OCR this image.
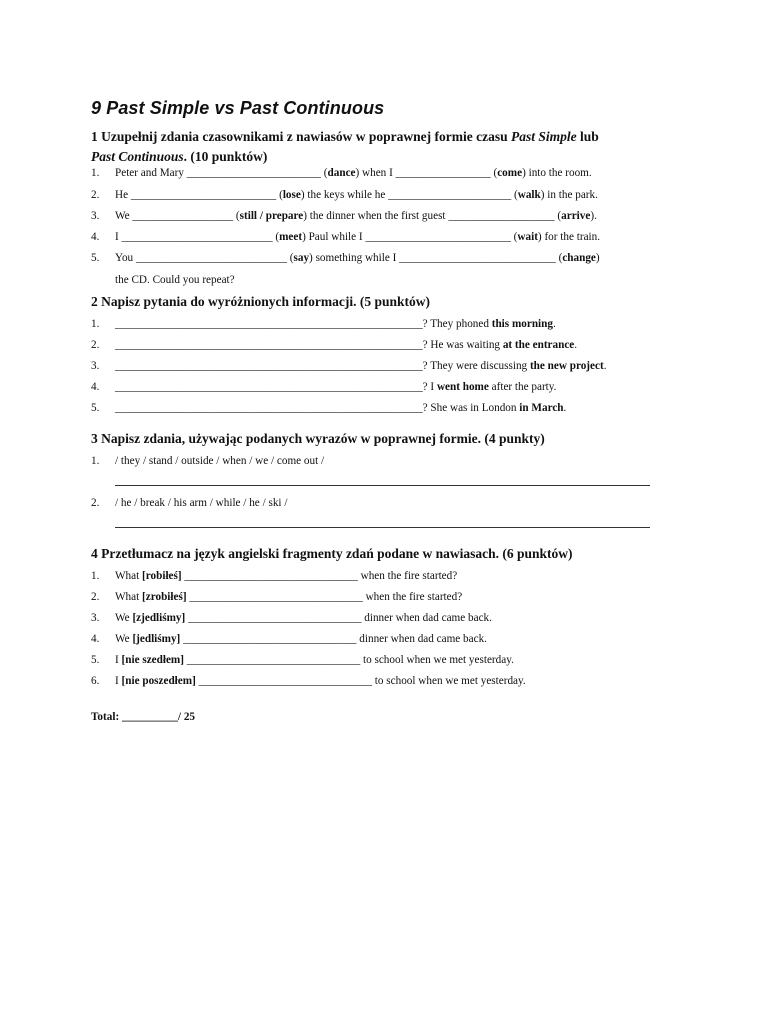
9 Past Simple vs Past Continuous
1 Uzupełnij zdania czasownikami z nawiasów w poprawnej formie czasu Past Simple lub
Past Continuous. (10 punktów)
1. Peter and Mary ________________________ (dance) when I _________________ (come) into the room.
2. He __________________________ (lose) the keys while he ______________________ (walk) in the park.
3. We __________________ (still / prepare) the dinner when the first guest ___________________ (arrive).
4. I ___________________________ (meet) Paul while I __________________________ (wait) for the train.
5. You ___________________________ (say) something while I ____________________________ (change)
the CD. Could you repeat?
2 Napisz pytania do wyróżnionych informacji. (5 punktów)
1. _______________________________________________________? They phoned this morning.
2. _______________________________________________________? He was waiting at the entrance.
3. _______________________________________________________? They were discussing the new project.
4. _______________________________________________________? I went home after the party.
5. _______________________________________________________? She was in London in March.
3 Napisz zdania, używając podanych wyrazów w poprawnej formie. (4 punkty)
1. / they / stand / outside / when / we / come out /
2. / he / break / his arm / while / he / ski /
4 Przetłumacz na język angielski fragmenty zdań podane w nawiasach. (6 punktów)
1. What [robiłeś] _______________________________ when the fire started?
2. What [zrobiłeś] _______________________________ when the fire started?
3. We [zjedliśmy] _______________________________ dinner when dad came back.
4. We [jedliśmy] _______________________________ dinner when dad came back.
5. I [nie szedłem] _______________________________ to school when we met yesterday.
6. I [nie poszedłem] _______________________________ to school when we met yesterday.
Total: __________/ 25
